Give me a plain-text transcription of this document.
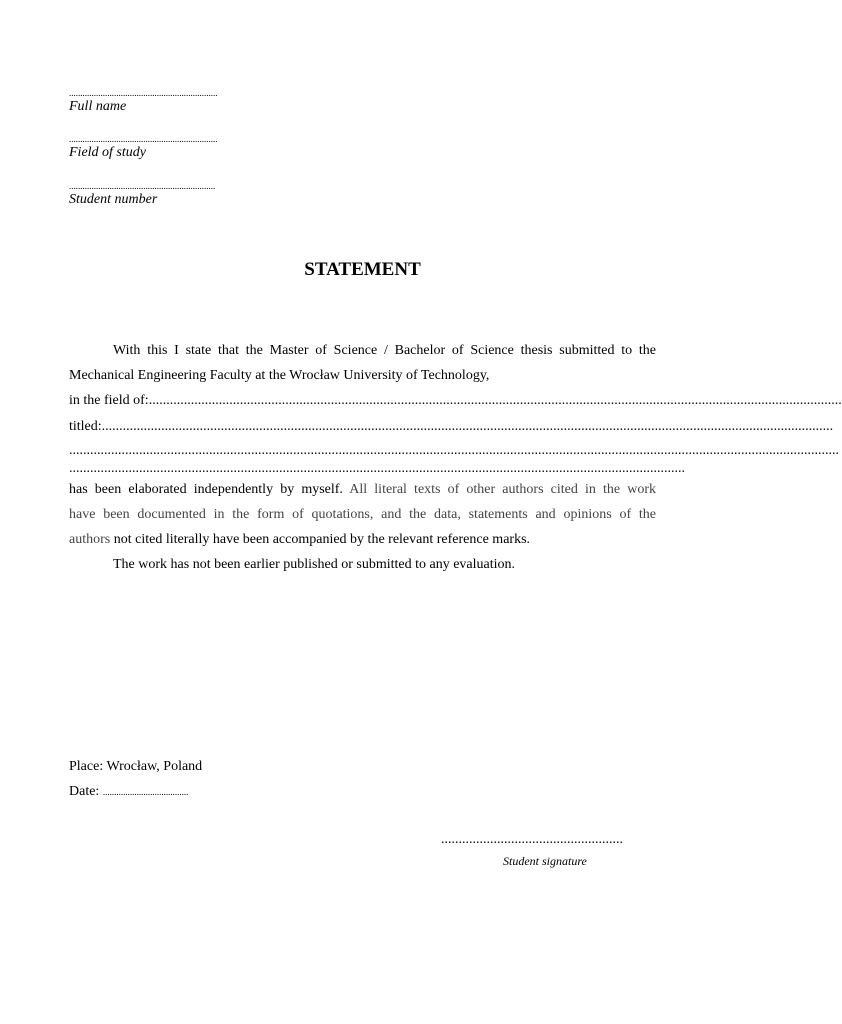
..................................................................
Full name
..................................................................
Field of study
.................................................................
Student number
STATEMENT
With this I state that the Master of Science / Bachelor of Science thesis submitted to the
Mechanical Engineering Faculty at the Wrocław University of Technology,
in the field of:......................................................................................................................................................................................................
titled:.................................................................................................................................................................................................................
............................................................................................................................................................................................................................
................................................................................................................................................................................
has been elaborated independently by myself. All literal texts of other authors cited in the work
have been documented in the form of quotations, and the data, statements and opinions of the
authors not cited literally have been accompanied by the relevant reference marks.
The work has not been earlier published or submitted to any evaluation.
Place: Wrocław, Poland
Date: ......................................
....................................................
Student signature
